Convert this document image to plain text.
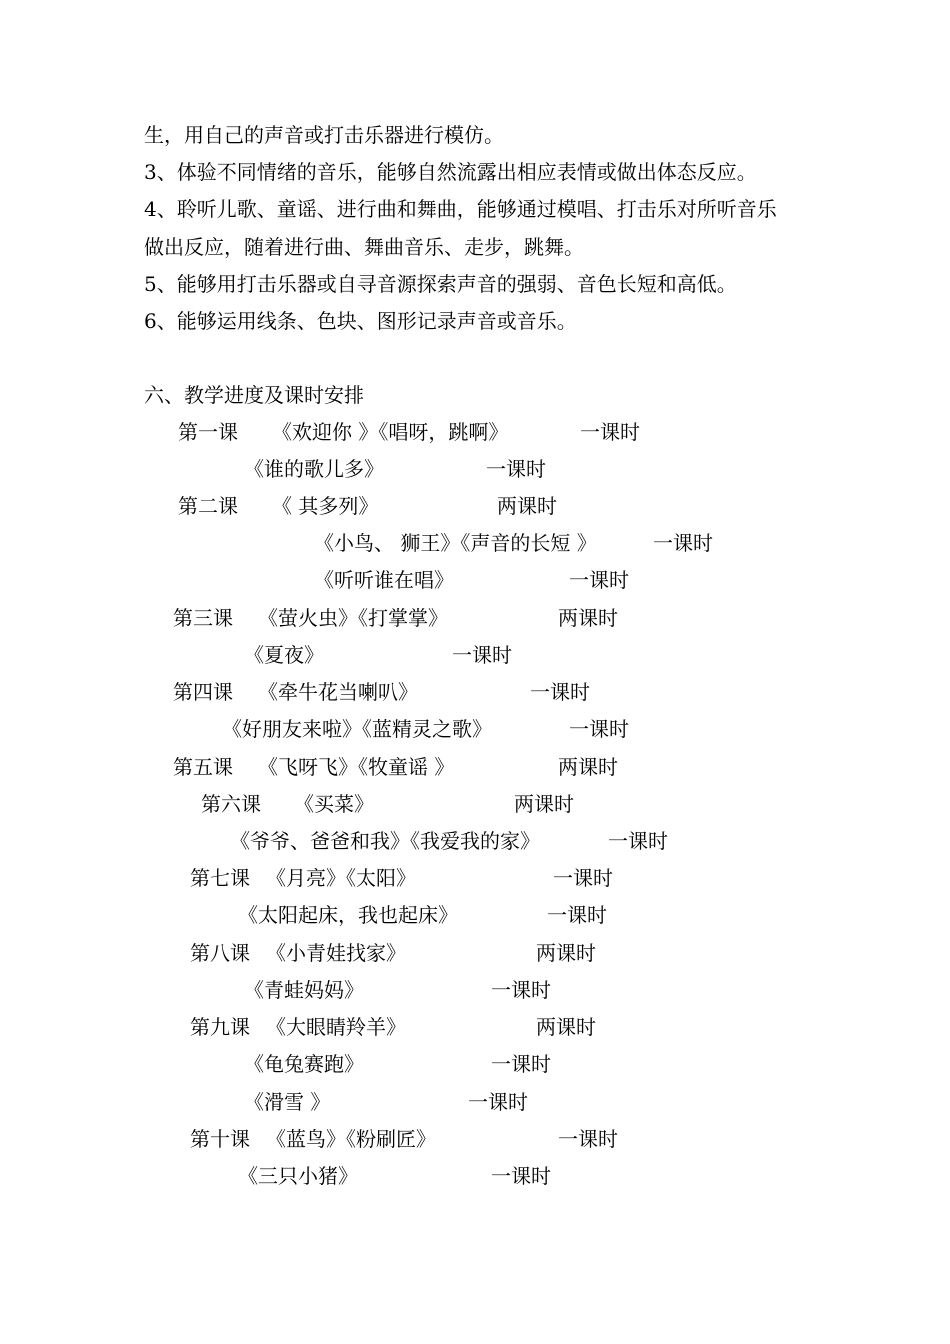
生，用自己的声音或打击乐器进行模仿。
3、体验不同情绪的音乐，能够自然流露出相应表情或做出体态反应。
4、聆听儿歌、童谣、进行曲和舞曲，能够通过模唱、打击乐对所听音乐
做出反应，随着进行曲、舞曲音乐、走步，跳舞。
5、能够用打击乐器或自寻音源探索声音的强弱、音色长短和高低。
6、能够运用线条、色块、图形记录声音或音乐。
六、教学进度及课时安排
第一课 《欢迎你 》《唱呀，跳啊》	一课时
《谁的歌儿多》	一课时
第二课 《 其多列》	两课时
《小鸟、 狮王》《声音的长短 》	一课时
《听听谁在唱》	一课时
第三课 《萤火虫》《打掌掌》	两课时
《夏夜》	一课时
第四课 《牵牛花当喇叭》	一课时
《好朋友来啦》《蓝精灵之歌》	一课时
第五课 《飞呀飞》《牧童谣 》	两课时
第六课 《买菜》	两课时
《爷爷、爸爸和我》《我爱我的家》	一课时
第七课 《月亮》《太阳》	一课时
《太阳起床，我也起床》	一课时
第八课 《小青娃找家》	两课时
《青蛙妈妈》	一课时
第九课 《大眼睛羚羊》	两课时
《龟兔赛跑》	一课时
《滑雪 》	一课时
第十课 《蓝鸟》《粉刷匠》	一课时
《三只小猪》	一课时
